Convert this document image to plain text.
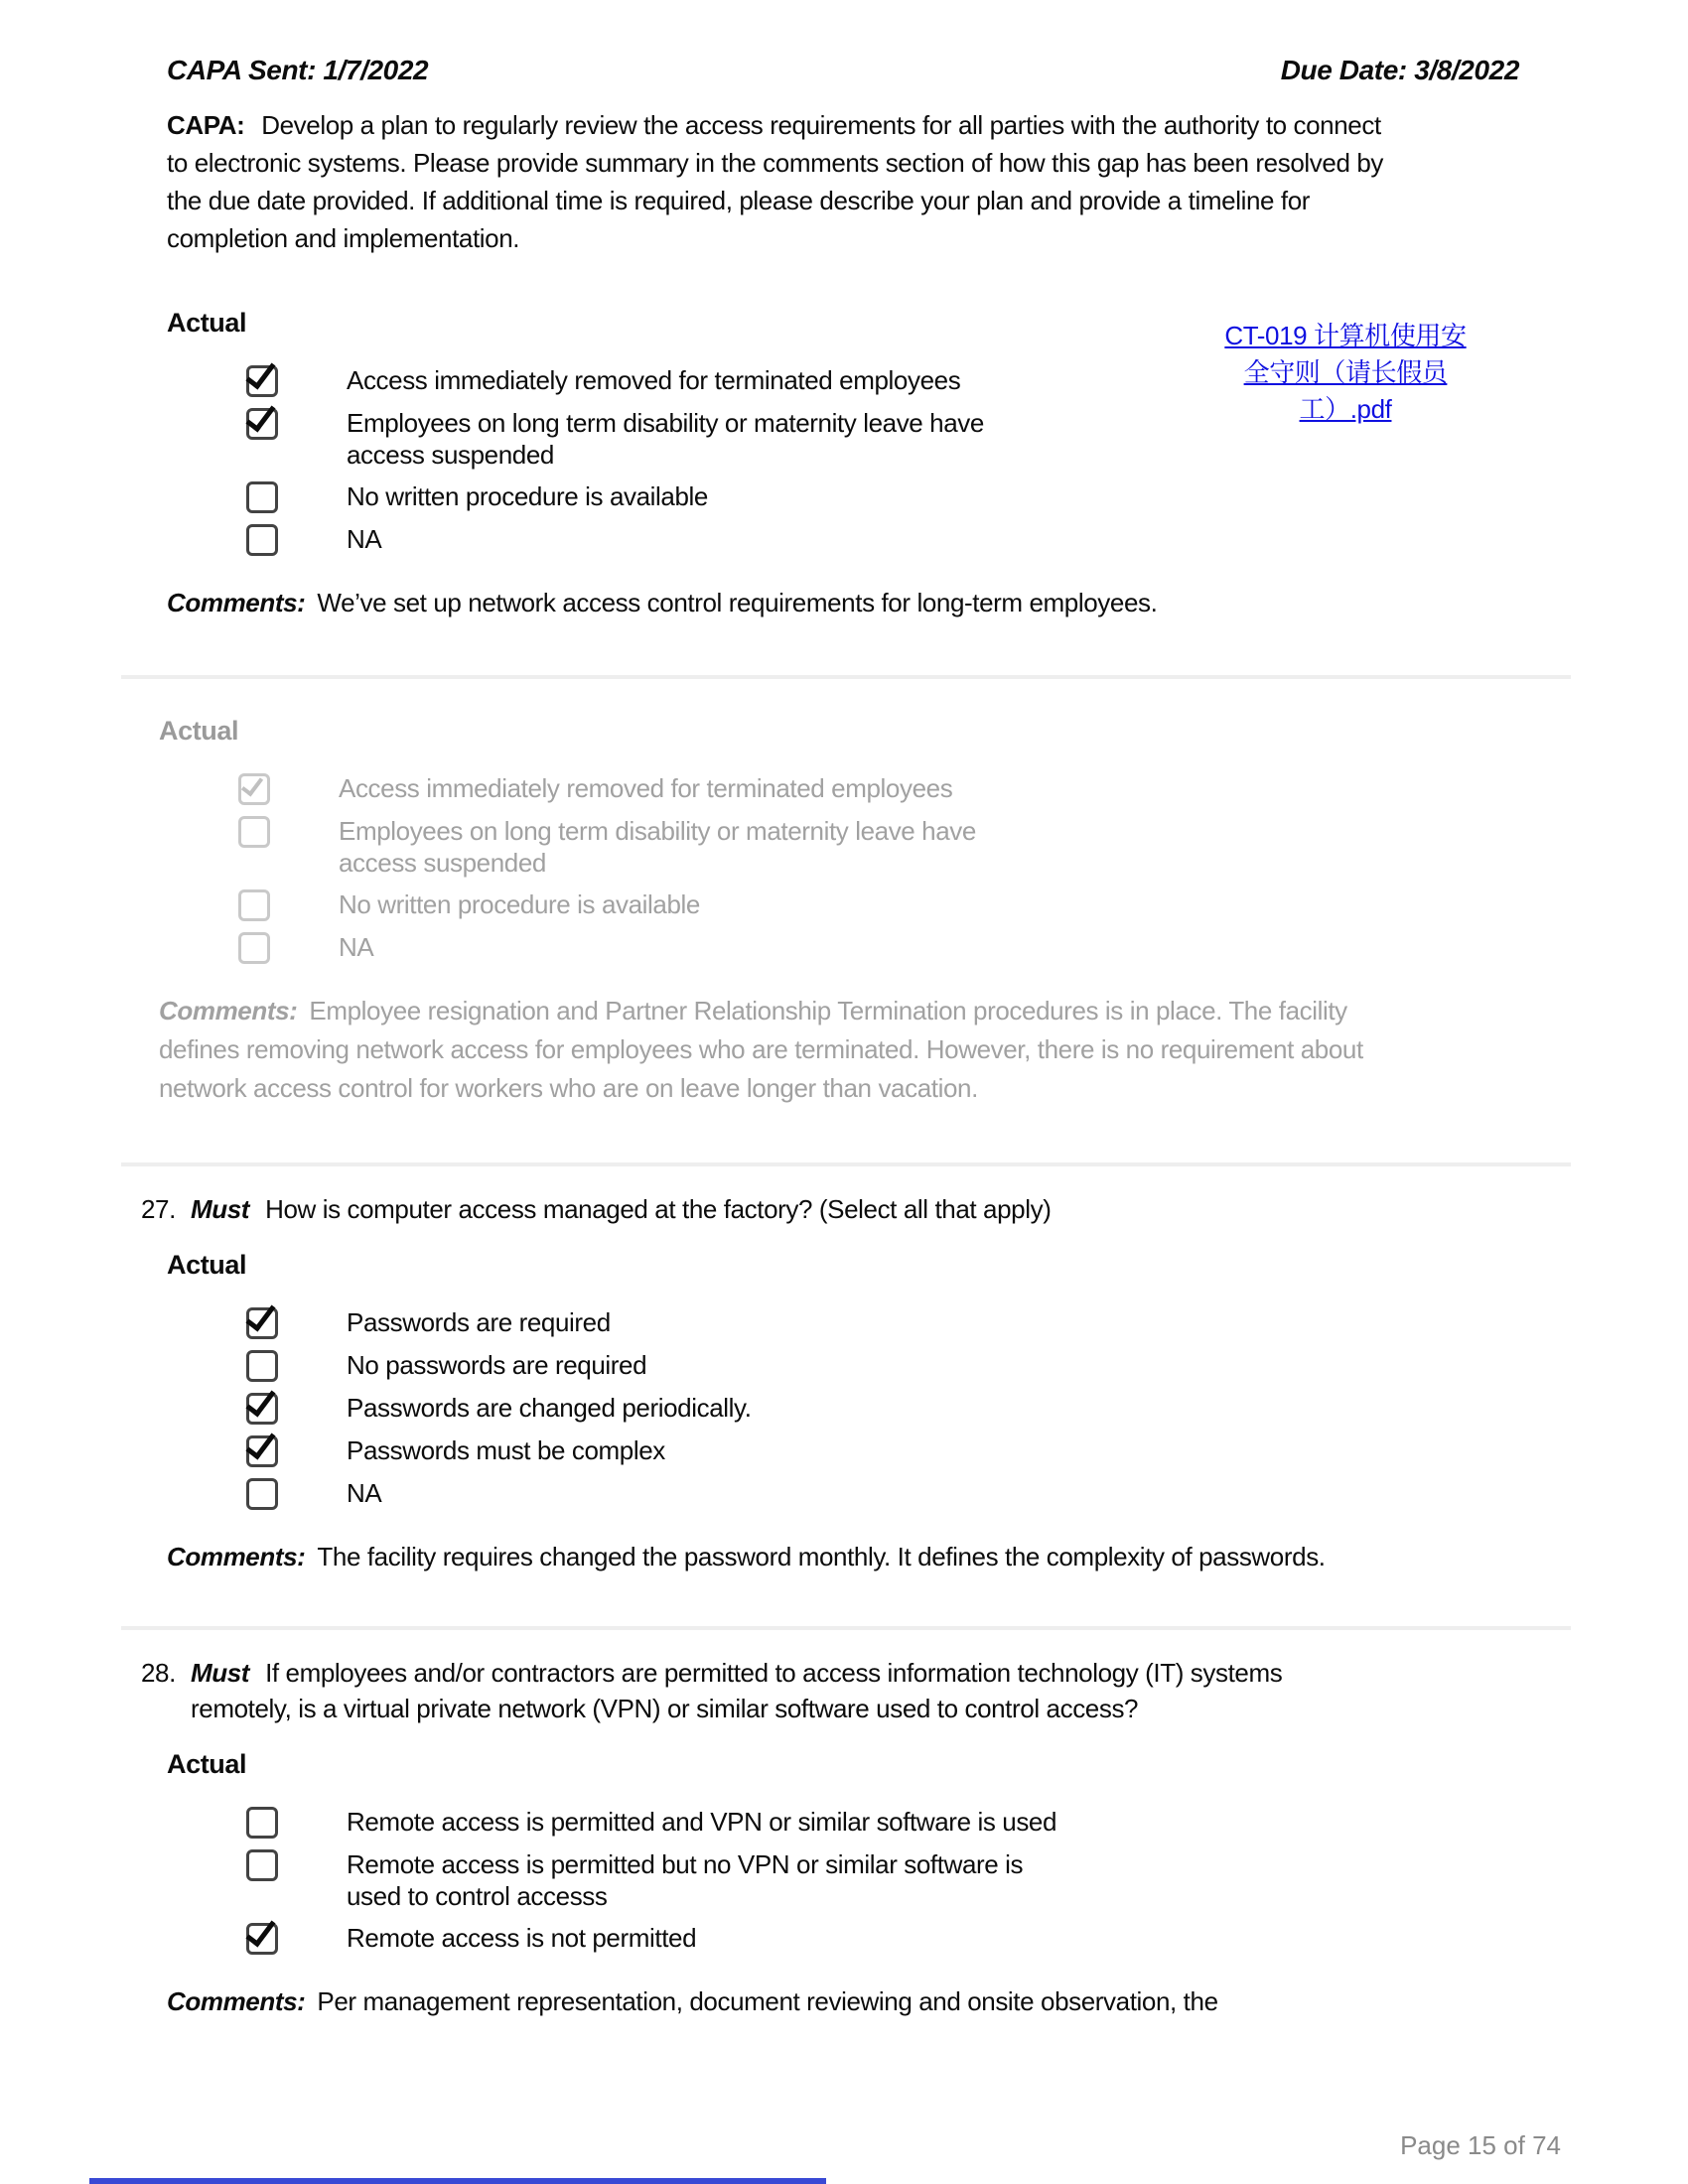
CAPA Sent: 1/7/2022	Due Date: 3/8/2022

CAPA: Develop a plan to regularly review the access requirements for all parties with the authority to connect to electronic systems. Please provide summary in the comments section of how this gap has been resolved by the due date provided. If additional time is required, please describe your plan and provide a timeline for completion and implementation.

CT-019 计算机使用安全守则（请长假员工）.pdf
Actual
Access immediately removed for terminated employees
Employees on long term disability or maternity leave have access suspended
No written procedure is available
NA

Comments: We’ve set up network access control requirements for long-term employees.

Actual
Access immediately removed for terminated employees
Employees on long term disability or maternity leave have access suspended
No written procedure is available
NA

Comments: Employee resignation and Partner Relationship Termination procedures is in place. The facility defines removing network access for employees who are terminated. However, there is no requirement about network access control for workers who are on leave longer than vacation.

27. Must How is computer access managed at the factory? (Select all that apply)
Actual
Passwords are required
No passwords are required
Passwords are changed periodically.
Passwords must be complex
NA

Comments: The facility requires changed the password monthly. It defines the complexity of passwords.

28. Must If employees and/or contractors are permitted to access information technology (IT) systems remotely, is a virtual private network (VPN) or similar software used to control access?
Actual
Remote access is permitted and VPN or similar software is used
Remote access is permitted but no VPN or similar software is used to control accesss
Remote access is not permitted

Comments: Per management representation, document reviewing and onsite observation, the

Page 15 of 74
